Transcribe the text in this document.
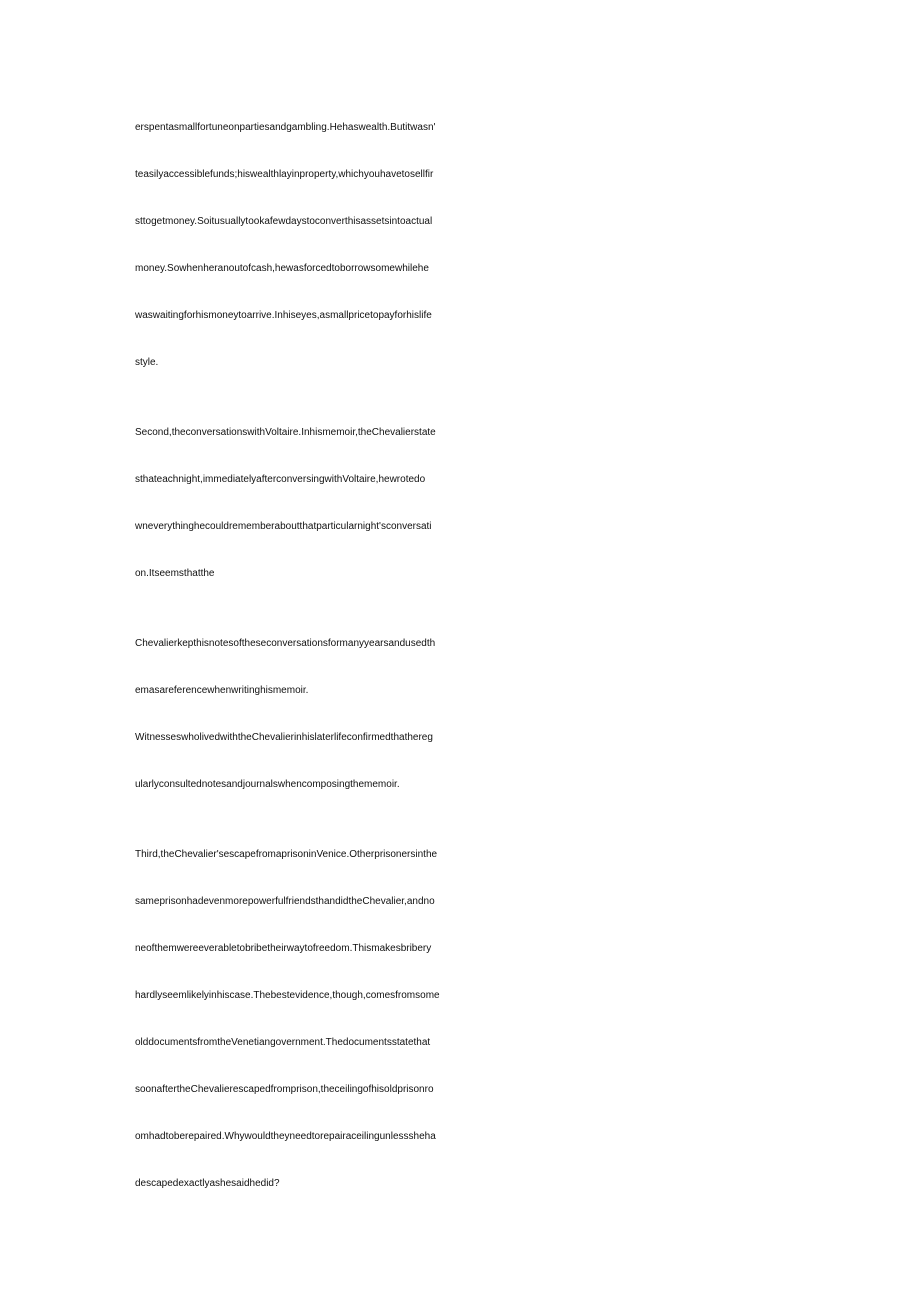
erspentasmallfortuneonpartiesandgambling.Hehaswealth.Butitwasn'
teasilyaccessiblefunds;hiswealthlayinproperty,whichyouhavetosellfir
sttogetmoney.Soitusuallytookafewdaystoconverthisassetsintoactual
money.Sowhenheranoutofcash,hewasforcedtoborrowsomewhilehe
waswaitingforhismoneytoarrive.Inhiseyes,asmallpricetopayforhislife
style.
Second,theconversationswithVoltaire.Inhismemoir,theChevalierstate
sthateachnight,immediatelyafterconversingwithVoltaire,hewrotedo
wneverythinghecouldrememberaboutthatparticularnight'sconversati
on.Itseemsthatthe
Chevalierkepthisnotesoftheseconversationsformanyyearsandusedth
emasareferencewhenwritinghismemoir.
WitnesseswholivedwiththeChevalierinhislaterlifeconfirmedthathereg
ularlyconsultednotesandjournalswhencomposingthememoir.
Third,theChevalier'sescapefromaprisoninVenice.Otherprisonersinthe
sameprisonhadevenmorepowerfulfriendsthandidtheChevalier,andno
neofthemwereeverabletobribetheirwaytofreedom.Thismakesbribery
hardlyseemlikelyinhiscase.Thebestevidence,though,comesfromsome
olddocumentsfromtheVenetiangovernment.Thedocumentsstatethat
soonaftertheChevalierescapedfromprison,theceilingofhisoldprisonro
omhadtoberepaired.Whywouldtheyneedtorepairaceilingunlesssheha
descapedexactlyashesaidhedid?
